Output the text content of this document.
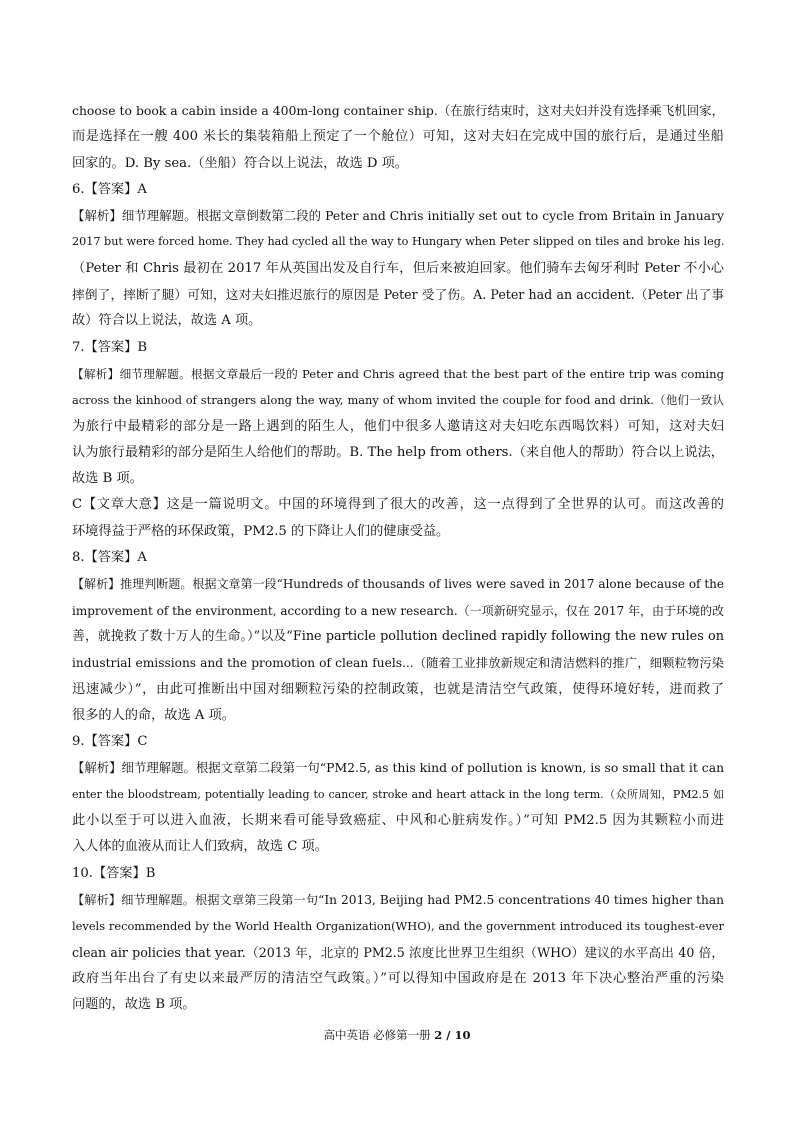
choose to book a cabin inside a 400m-long container ship.（在旅行结束时，这对夫妇并没有选择乘飞机回家，
而是选择在一艘 400 米长的集装箱船上预定了一个舱位）可知，这对夫妇在完成中国的旅行后，是通过坐船
回家的。D. By sea.（坐船）符合以上说法，故选 D 项。
6.【答案】A
【解析】细节理解题。根据文章倒数第二段的 Peter and Chris initially set out to cycle from Britain in January
2017 but were forced home. They had cycled all the way to Hungary when Peter slipped on tiles and broke his leg.
（Peter 和 Chris 最初在 2017 年从英国出发及自行车，但后来被迫回家。他们骑车去匈牙利时 Peter 不小心
摔倒了，摔断了腿）可知，这对夫妇推迟旅行的原因是 Peter 受了伤。A. Peter had an accident.（Peter 出了事
故）符合以上说法，故选 A 项。
7.【答案】B
【解析】细节理解题。根据文章最后一段的 Peter and Chris agreed that the best part of the entire trip was coming
across the kinhood of strangers along the way, many of whom invited the couple for food and drink.（他们一致认
为旅行中最精彩的部分是一路上遇到的陌生人，他们中很多人邀请这对夫妇吃东西喝饮料）可知，这对夫妇
认为旅行最精彩的部分是陌生人给他们的帮助。B. The help from others.（来自他人的帮助）符合以上说法，
故选 B 项。
C【文章大意】这是一篇说明文。中国的环境得到了很大的改善，这一点得到了全世界的认可。而这改善的
环境得益于严格的环保政策，PM2.5 的下降让人们的健康受益。
8.【答案】A
【解析】推理判断题。根据文章第一段“Hundreds of thousands of lives were saved in 2017 alone because of the
improvement of the environment, according to a new research.（一项新研究显示，仅在 2017 年，由于环境的改
善，就挽救了数十万人的生命。）”以及“Fine particle pollution declined rapidly following the new rules on
industrial emissions and the promotion of clean fuels...（随着工业排放新规定和清洁燃料的推广，细颗粒物污染
迅速减少）”，由此可推断出中国对细颗粒污染的控制政策，也就是清洁空气政策，使得环境好转，进而救了
很多的人的命，故选 A 项。
9.【答案】C
【解析】细节理解题。根据文章第二段第一句“PM2.5, as this kind of pollution is known, is so small that it can
enter the bloodstream, potentially leading to cancer, stroke and heart attack in the long term.（众所周知，PM2.5 如
此小以至于可以进入血液，长期来看可能导致癌症、中风和心脏病发作。）”可知 PM2.5 因为其颗粒小而进
入人体的血液从而让人们致病，故选 C 项。
10.【答案】B
【解析】细节理解题。根据文章第三段第一句“In 2013, Beijing had PM2.5 concentrations 40 times higher than
levels recommended by the World Health Organization(WHO), and the government introduced its toughest-ever
clean air policies that year.（2013 年，北京的 PM2.5 浓度比世界卫生组织（WHO）建议的水平高出 40 倍，
政府当年出台了有史以来最严厉的清洁空气政策。）”可以得知中国政府是在 2013 年下决心整治严重的污染
问题的，故选 B 项。
高中英语 必修第一册 2 / 10
